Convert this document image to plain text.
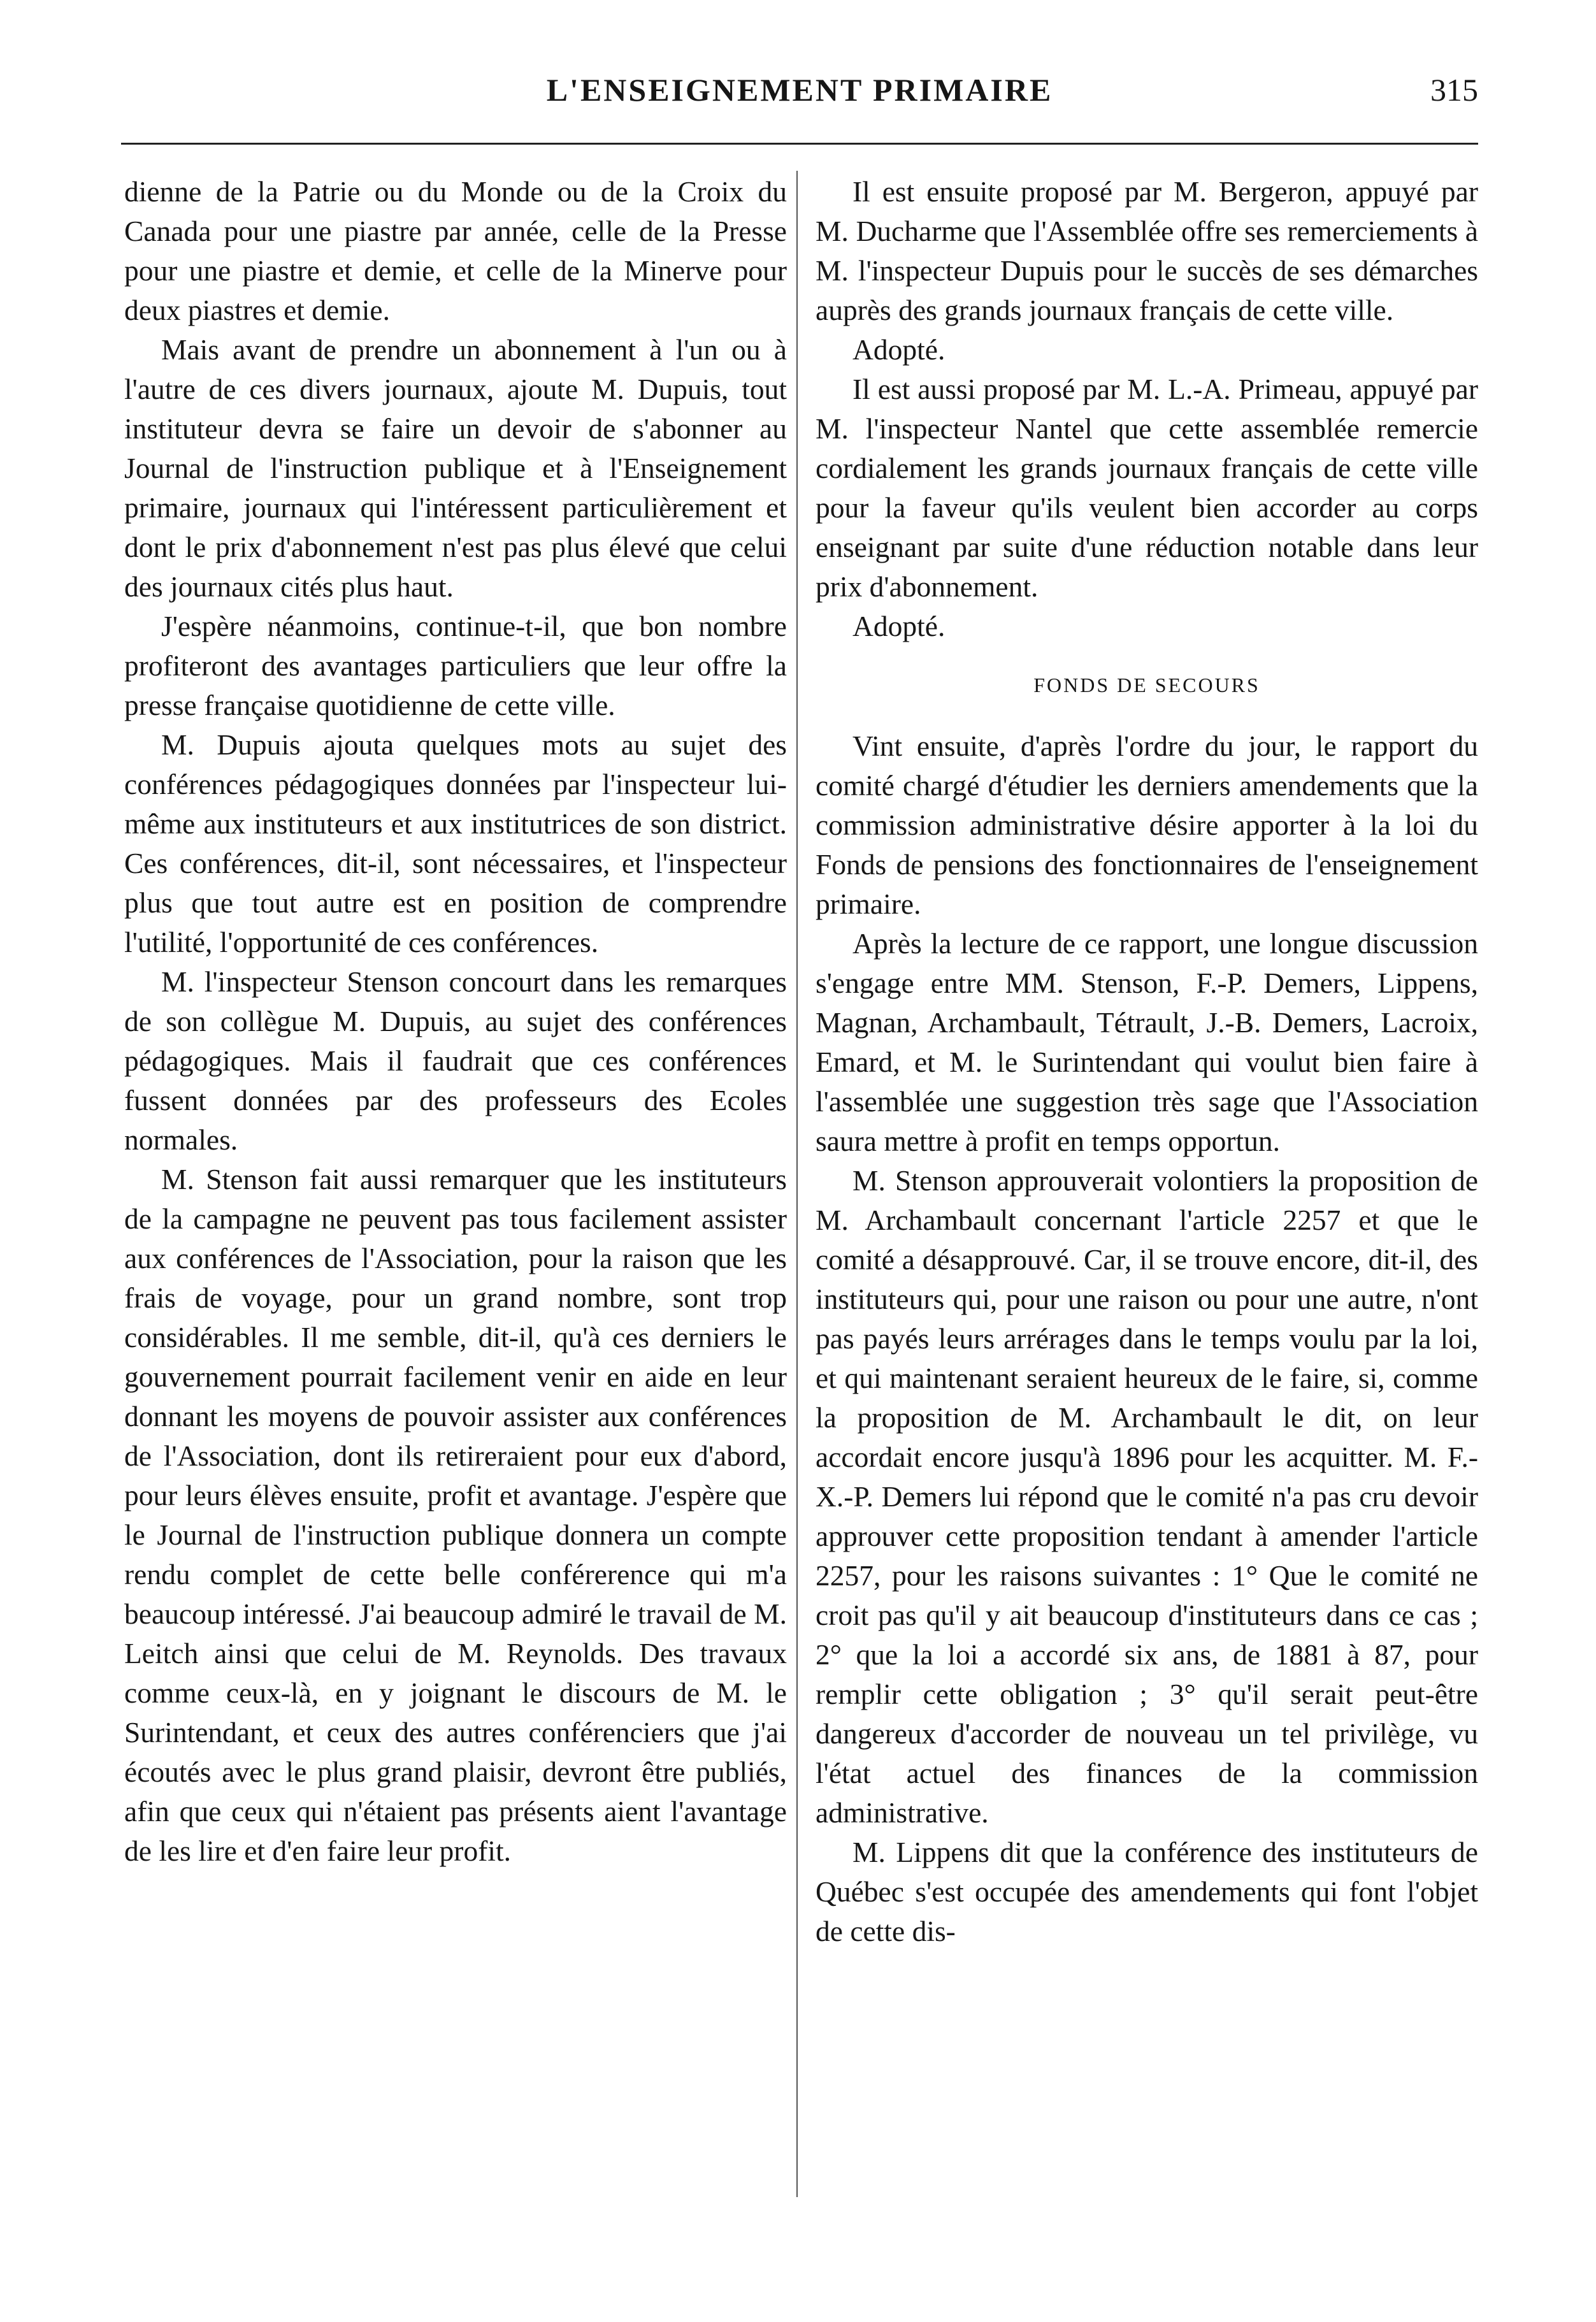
L'ENSEIGNEMENT PRIMAIRE	315

dienne de la Patrie ou du Monde ou de la Croix du Canada pour une piastre par année, celle de la Presse pour une piastre et demie, et celle de la Minerve pour deux piastres et demie.

Mais avant de prendre un abonnement à l'un ou à l'autre de ces divers journaux, ajoute M. Dupuis, tout instituteur devra se faire un devoir de s'abonner au Journal de l'instruction publique et à l'Enseignement primaire, journaux qui l'intéressent particulièrement et dont le prix d'abonnement n'est pas plus élevé que celui des journaux cités plus haut.

J'espère néanmoins, continue-t-il, que bon nombre profiteront des avantages particuliers que leur offre la presse française quotidienne de cette ville.

M. Dupuis ajouta quelques mots au sujet des conférences pédagogiques données par l'inspecteur lui-même aux instituteurs et aux institutrices de son district. Ces conférences, dit-il, sont nécessaires, et l'inspecteur plus que tout autre est en position de comprendre l'utilité, l'opportunité de ces conférences.

M. l'inspecteur Stenson concourt dans les remarques de son collègue M. Dupuis, au sujet des conférences pédagogiques. Mais il faudrait que ces conférences fussent données par des professeurs des Ecoles normales.

M. Stenson fait aussi remarquer que les instituteurs de la campagne ne peuvent pas tous facilement assister aux conférences de l'Association, pour la raison que les frais de voyage, pour un grand nombre, sont trop considérables. Il me semble, dit-il, qu'à ces derniers le gouvernement pourrait facilement venir en aide en leur donnant les moyens de pouvoir assister aux conférences de l'Association, dont ils retireraient pour eux d'abord, pour leurs élèves ensuite, profit et avantage. J'espère que le Journal de l'instruction publique donnera un compte rendu complet de cette belle conférerence qui m'a beaucoup intéressé. J'ai beaucoup admiré le travail de M. Leitch ainsi que celui de M. Reynolds. Des travaux comme ceux-là, en y joignant le discours de M. le Surintendant, et ceux des autres conférenciers que j'ai écoutés avec le plus grand plaisir, devront être publiés, afin que ceux qui n'étaient pas présents aient l'avantage de les lire et d'en faire leur profit.

Il est ensuite proposé par M. Bergeron, appuyé par M. Ducharme que l'Assemblée offre ses remerciements à M. l'inspecteur Dupuis pour le succès de ses démarches auprès des grands journaux français de cette ville.

Adopté.

Il est aussi proposé par M. L.-A. Primeau, appuyé par M. l'inspecteur Nantel que cette assemblée remercie cordialement les grands journaux français de cette ville pour la faveur qu'ils veulent bien accorder au corps enseignant par suite d'une réduction notable dans leur prix d'abonnement.

Adopté.

FONDS DE SECOURS

Vint ensuite, d'après l'ordre du jour, le rapport du comité chargé d'étudier les derniers amendements que la commission administrative désire apporter à la loi du Fonds de pensions des fonctionnaires de l'enseignement primaire.

Après la lecture de ce rapport, une longue discussion s'engage entre MM. Stenson, F.-P. Demers, Lippens, Magnan, Archambault, Tétrault, J.-B. Demers, Lacroix, Emard, et M. le Surintendant qui voulut bien faire à l'assemblée une suggestion très sage que l'Association saura mettre à profit en temps opportun.

M. Stenson approuverait volontiers la proposition de M. Archambault concernant l'article 2257 et que le comité a désapprouvé. Car, il se trouve encore, dit-il, des instituteurs qui, pour une raison ou pour une autre, n'ont pas payés leurs arrérages dans le temps voulu par la loi, et qui maintenant seraient heureux de le faire, si, comme la proposition de M. Archambault le dit, on leur accordait encore jusqu'à 1896 pour les acquitter. M. F.-X.-P. Demers lui répond que le comité n'a pas cru devoir approuver cette proposition tendant à amender l'article 2257, pour les raisons suivantes : 1° Que le comité ne croit pas qu'il y ait beaucoup d'instituteurs dans ce cas ; 2° que la loi a accordé six ans, de 1881 à 87, pour remplir cette obligation ; 3° qu'il serait peut-être dangereux d'accorder de nouveau un tel privilège, vu l'état actuel des finances de la commission administrative.

M. Lippens dit que la conférence des instituteurs de Québec s'est occupée des amendements qui font l'objet de cette dis-
